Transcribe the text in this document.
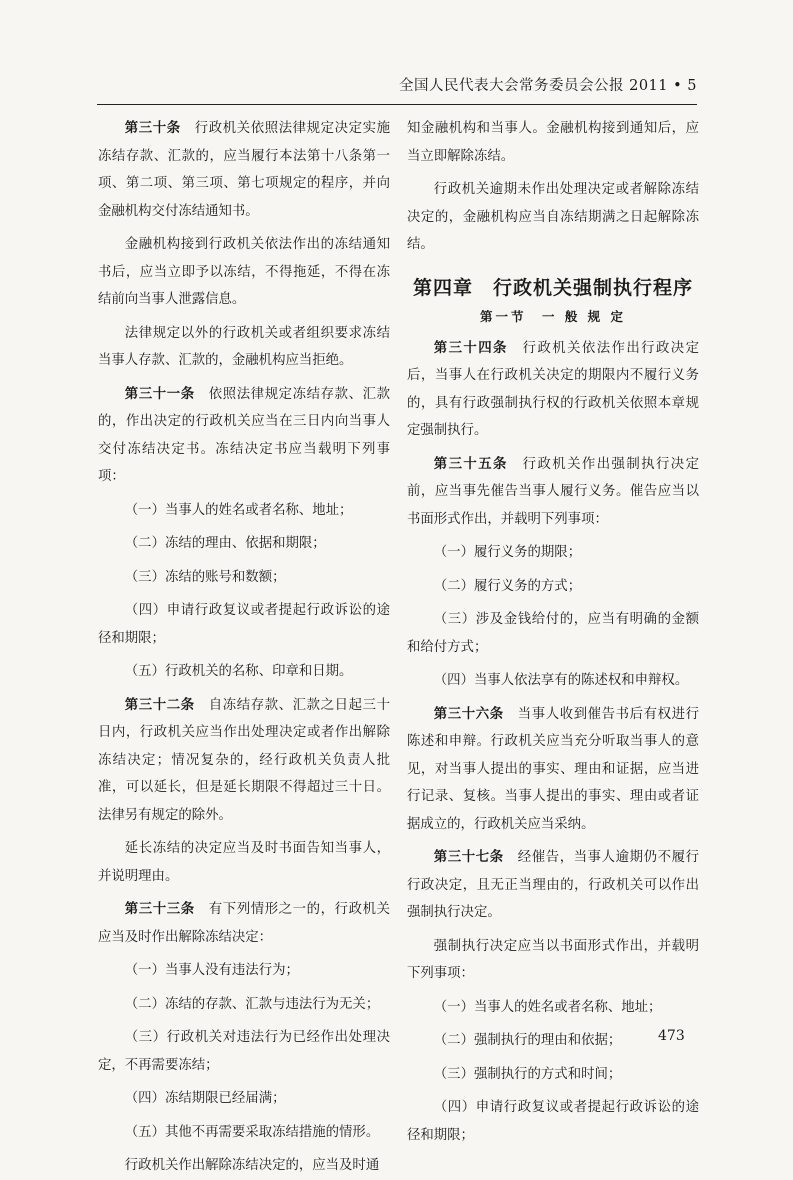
全国人民代表大会常务委员会公报 2011 • 5

第三十条　行政机关依照法律规定决定实施冻结存款、汇款的，应当履行本法第十八条第一项、第二项、第三项、第七项规定的程序，并向金融机构交付冻结通知书。

金融机构接到行政机关依法作出的冻结通知书后，应当立即予以冻结，不得拖延，不得在冻结前向当事人泄露信息。

法律规定以外的行政机关或者组织要求冻结当事人存款、汇款的，金融机构应当拒绝。

第三十一条　依照法律规定冻结存款、汇款的，作出决定的行政机关应当在三日内向当事人交付冻结决定书。冻结决定书应当载明下列事项：

（一）当事人的姓名或者名称、地址；

（二）冻结的理由、依据和期限；

（三）冻结的账号和数额；

（四）申请行政复议或者提起行政诉讼的途径和期限；

（五）行政机关的名称、印章和日期。

第三十二条　自冻结存款、汇款之日起三十日内，行政机关应当作出处理决定或者作出解除冻结决定；情况复杂的，经行政机关负责人批准，可以延长，但是延长期限不得超过三十日。法律另有规定的除外。

延长冻结的决定应当及时书面告知当事人，并说明理由。

第三十三条　有下列情形之一的，行政机关应当及时作出解除冻结决定：

（一）当事人没有违法行为；

（二）冻结的存款、汇款与违法行为无关；

（三）行政机关对违法行为已经作出处理决定，不再需要冻结；

（四）冻结期限已经届满；

（五）其他不再需要采取冻结措施的情形。

行政机关作出解除冻结决定的，应当及时通

知金融机构和当事人。金融机构接到通知后，应当立即解除冻结。

行政机关逾期未作出处理决定或者解除冻结决定的，金融机构应当自冻结期满之日起解除冻结。

第四章　行政机关强制执行程序
第一节　一 般 规 定

第三十四条　行政机关依法作出行政决定后，当事人在行政机关决定的期限内不履行义务的，具有行政强制执行权的行政机关依照本章规定强制执行。

第三十五条　行政机关作出强制执行决定前，应当事先催告当事人履行义务。催告应当以书面形式作出，并载明下列事项：

（一）履行义务的期限；

（二）履行义务的方式；

（三）涉及金钱给付的，应当有明确的金额和给付方式；

（四）当事人依法享有的陈述权和申辩权。

第三十六条　当事人收到催告书后有权进行陈述和申辩。行政机关应当充分听取当事人的意见，对当事人提出的事实、理由和证据，应当进行记录、复核。当事人提出的事实、理由或者证据成立的，行政机关应当采纳。

第三十七条　经催告，当事人逾期仍不履行行政决定，且无正当理由的，行政机关可以作出强制执行决定。

强制执行决定应当以书面形式作出，并载明下列事项：

（一）当事人的姓名或者名称、地址；

（二）强制执行的理由和依据；

（三）强制执行的方式和时间；

（四）申请行政复议或者提起行政诉讼的途径和期限；

473
